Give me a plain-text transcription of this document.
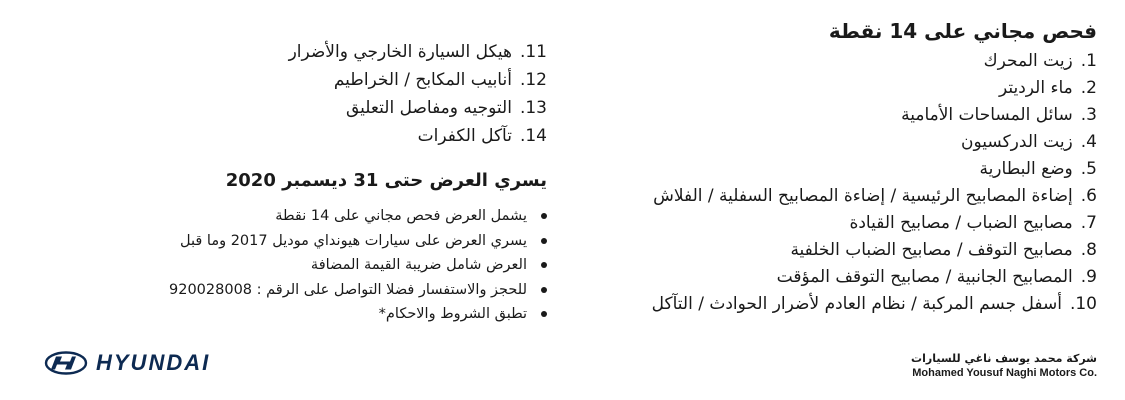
فحص مجاني على 14 نقطة
1.زيت المحرك
2.ماء الرديتر
3.سائل المساحات الأمامية
4.زيت الدركسيون
5.وضع البطارية
6.إضاءة المصابيح الرئيسية / إضاءة المصابيح السفلية / الفلاش
7.مصابيح الضباب / مصابيح القيادة
8.مصابيح التوقف / مصابيح الضباب الخلفية
9.المصابيح الجانبية / مصابيح التوقف المؤقت
10.أسفل جسم المركبة / نظام العادم لأضرار الحوادث / التآكل
11.هيكل السيارة الخارجي والأضرار
12.أنابيب المكابح / الخراطيم
13.التوجيه ومفاصل التعليق
14.تآكل الكفرات
يسري العرض حتى 31 ديسمبر 2020
يشمل العرض فحص مجاني على 14 نقطة
يسري العرض على سيارات هيونداي موديل 2017 وما قبل
العرض شامل ضريبة القيمة المضافة
للحجز والاستفسار فضلا التواصل على الرقم : 920028008
تطبق الشروط والاحكام*
HYUNDAI	شركة محمد يوسف ناغي للسيارات
Mohamed Yousuf Naghi Motors Co.
